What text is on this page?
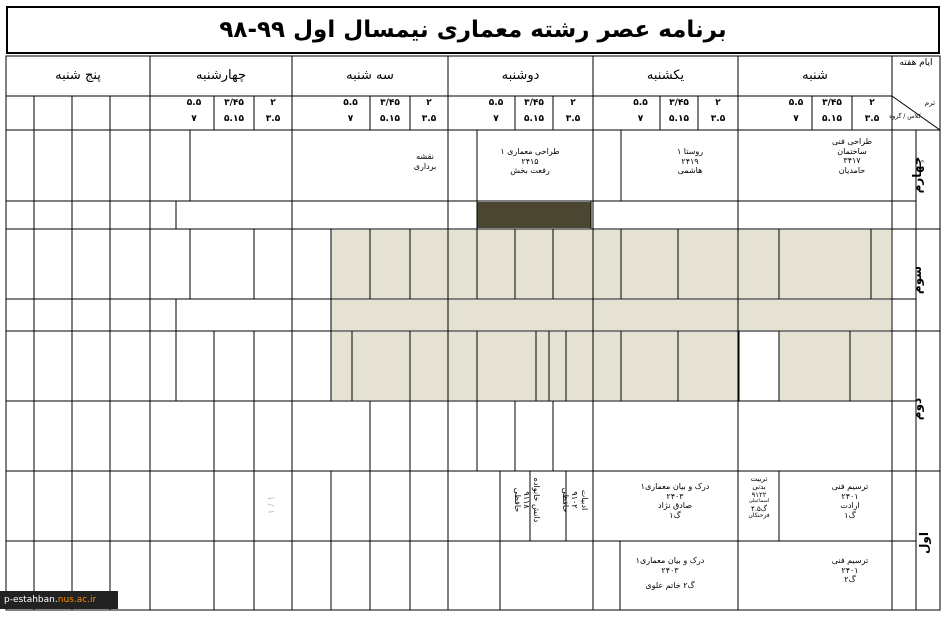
برنامه عصر رشته معماری نیمسال اول ۹۹-۹۸
ایام هفته
ترم
کلاس / گروه
شنبه
یکشنبه
دوشنبه
سه شنبه
چهارشنبه
پنج شنبه
۲
۳.۵
۳/۴۵
۵.۱۵
۵.۵
۷
۲
۳.۵
۳/۴۵
۵.۱۵
۵.۵
۷
۲
۳.۵
۳/۴۵
۵.۱۵
۵.۵
۷
۲
۳.۵
۳/۴۵
۵.۱۵
۵.۵
۷
۲
۳.۵
۳/۴۵
۵.۱۵
۵.۵
۷
چهارم
سوم
دوم
اول
طراحی فنی
ساختمان
۳۴۱۷
حامدیان
روستا ۱
۲۴۱۹
هاشمی
طراحی معماری ۱
۲۴۱۵
رفعت بخش
نقشه
برداری
ترسیم فنی
۲۴۰۱
ارادت
گ۱
تربیت
بدنی
۹۱۲۲
اسماعیلی
گ۴.۵
فرحنکان
درک و بیان معماری۱
۲۴۰۳
صادق نژاد
گ۱
ادبیات
۹۱۰۲
حافظی
دانش خانواده
۹۱۱۸
حافظی
۱ / ۱
ترسیم فنی
۲۴۰۱
گ۲
درک و بیان معماری۱
۲۴۰۳
گ۲ خاتم علوی
p-estahban. nus.ac.ir
